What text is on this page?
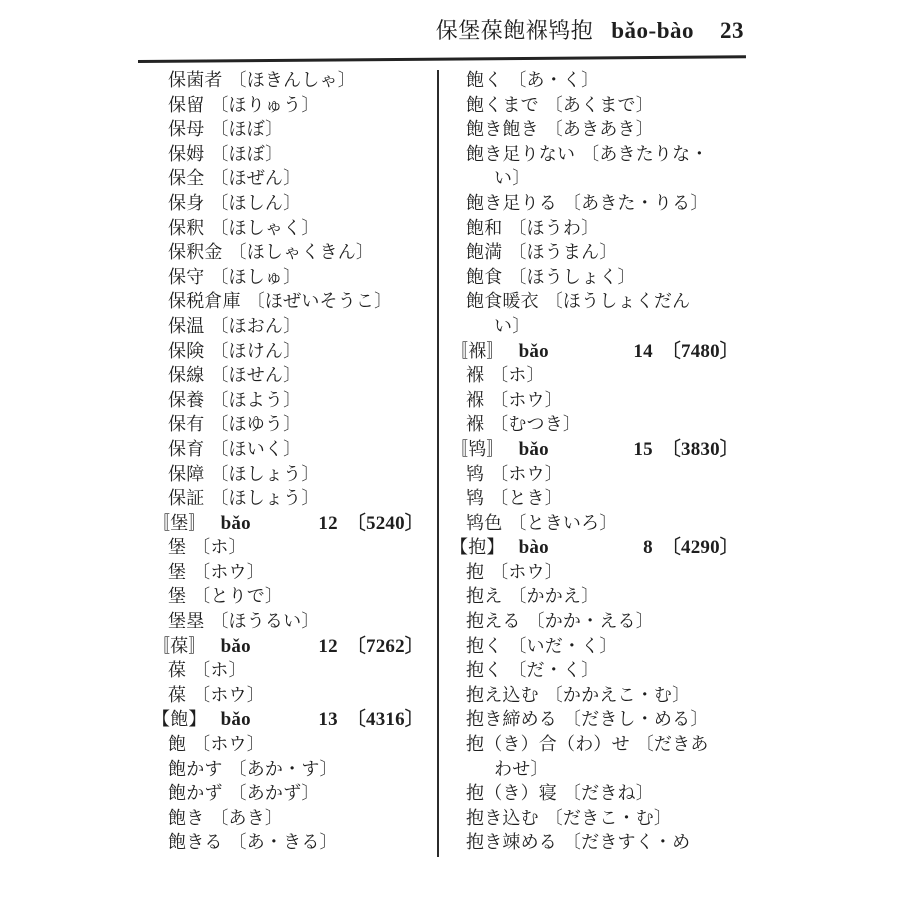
保堡葆飽褓鸨抱 bǎo-bào 23
保菌者 〔ほきんしゃ〕
保留 〔ほりゅう〕
保母 〔ほぼ〕
保姆 〔ほぼ〕
保全 〔ほぜん〕
保身 〔ほしん〕
保釈 〔ほしゃく〕
保釈金 〔ほしゃくきん〕
保守 〔ほしゅ〕
保税倉庫 〔ほぜいそうこ〕
保温 〔ほおん〕
保険 〔ほけん〕
保線 〔ほせん〕
保養 〔ほよう〕
保有 〔ほゆう〕
保育 〔ほいく〕
保障 〔ほしょう〕
保証 〔ほしょう〕
〚堡〛 bǎo	12 〔5240〕
堡 〔ホ〕
堡 〔ホウ〕
堡 〔とりで〕
堡塁 〔ほうるい〕
〚葆〛 bǎo	12 〔7262〕
葆 〔ホ〕
葆 〔ホウ〕
【飽】 bǎo	13 〔4316〕
飽 〔ホウ〕
飽かす 〔あか・す〕
飽かず 〔あかず〕
飽き 〔あき〕
飽きる 〔あ・きる〕
飽く 〔あ・く〕
飽くまで 〔あくまで〕
飽き飽き 〔あきあき〕
飽き足りない 〔あきたりな・
い〕
飽き足りる 〔あきた・りる〕
飽和 〔ほうわ〕
飽満 〔ほうまん〕
飽食 〔ほうしょく〕
飽食暖衣 〔ほうしょくだん
い〕
〚褓〛 bǎo	14 〔7480〕
褓 〔ホ〕
褓 〔ホウ〕
褓 〔むつき〕
〚鸨〛 bǎo	15 〔3830〕
鸨 〔ホウ〕
鸨 〔とき〕
鸨色 〔ときいろ〕
【抱】 bào	8 〔4290〕
抱 〔ホウ〕
抱え 〔かかえ〕
抱える 〔かか・える〕
抱く 〔いだ・く〕
抱く 〔だ・く〕
抱え込む 〔かかえこ・む〕
抱き締める 〔だきし・める〕
抱（き）合（わ）せ 〔だきあ
わせ〕
抱（き）寝 〔だきね〕
抱き込む 〔だきこ・む〕
抱き竦める 〔だきすく・め
